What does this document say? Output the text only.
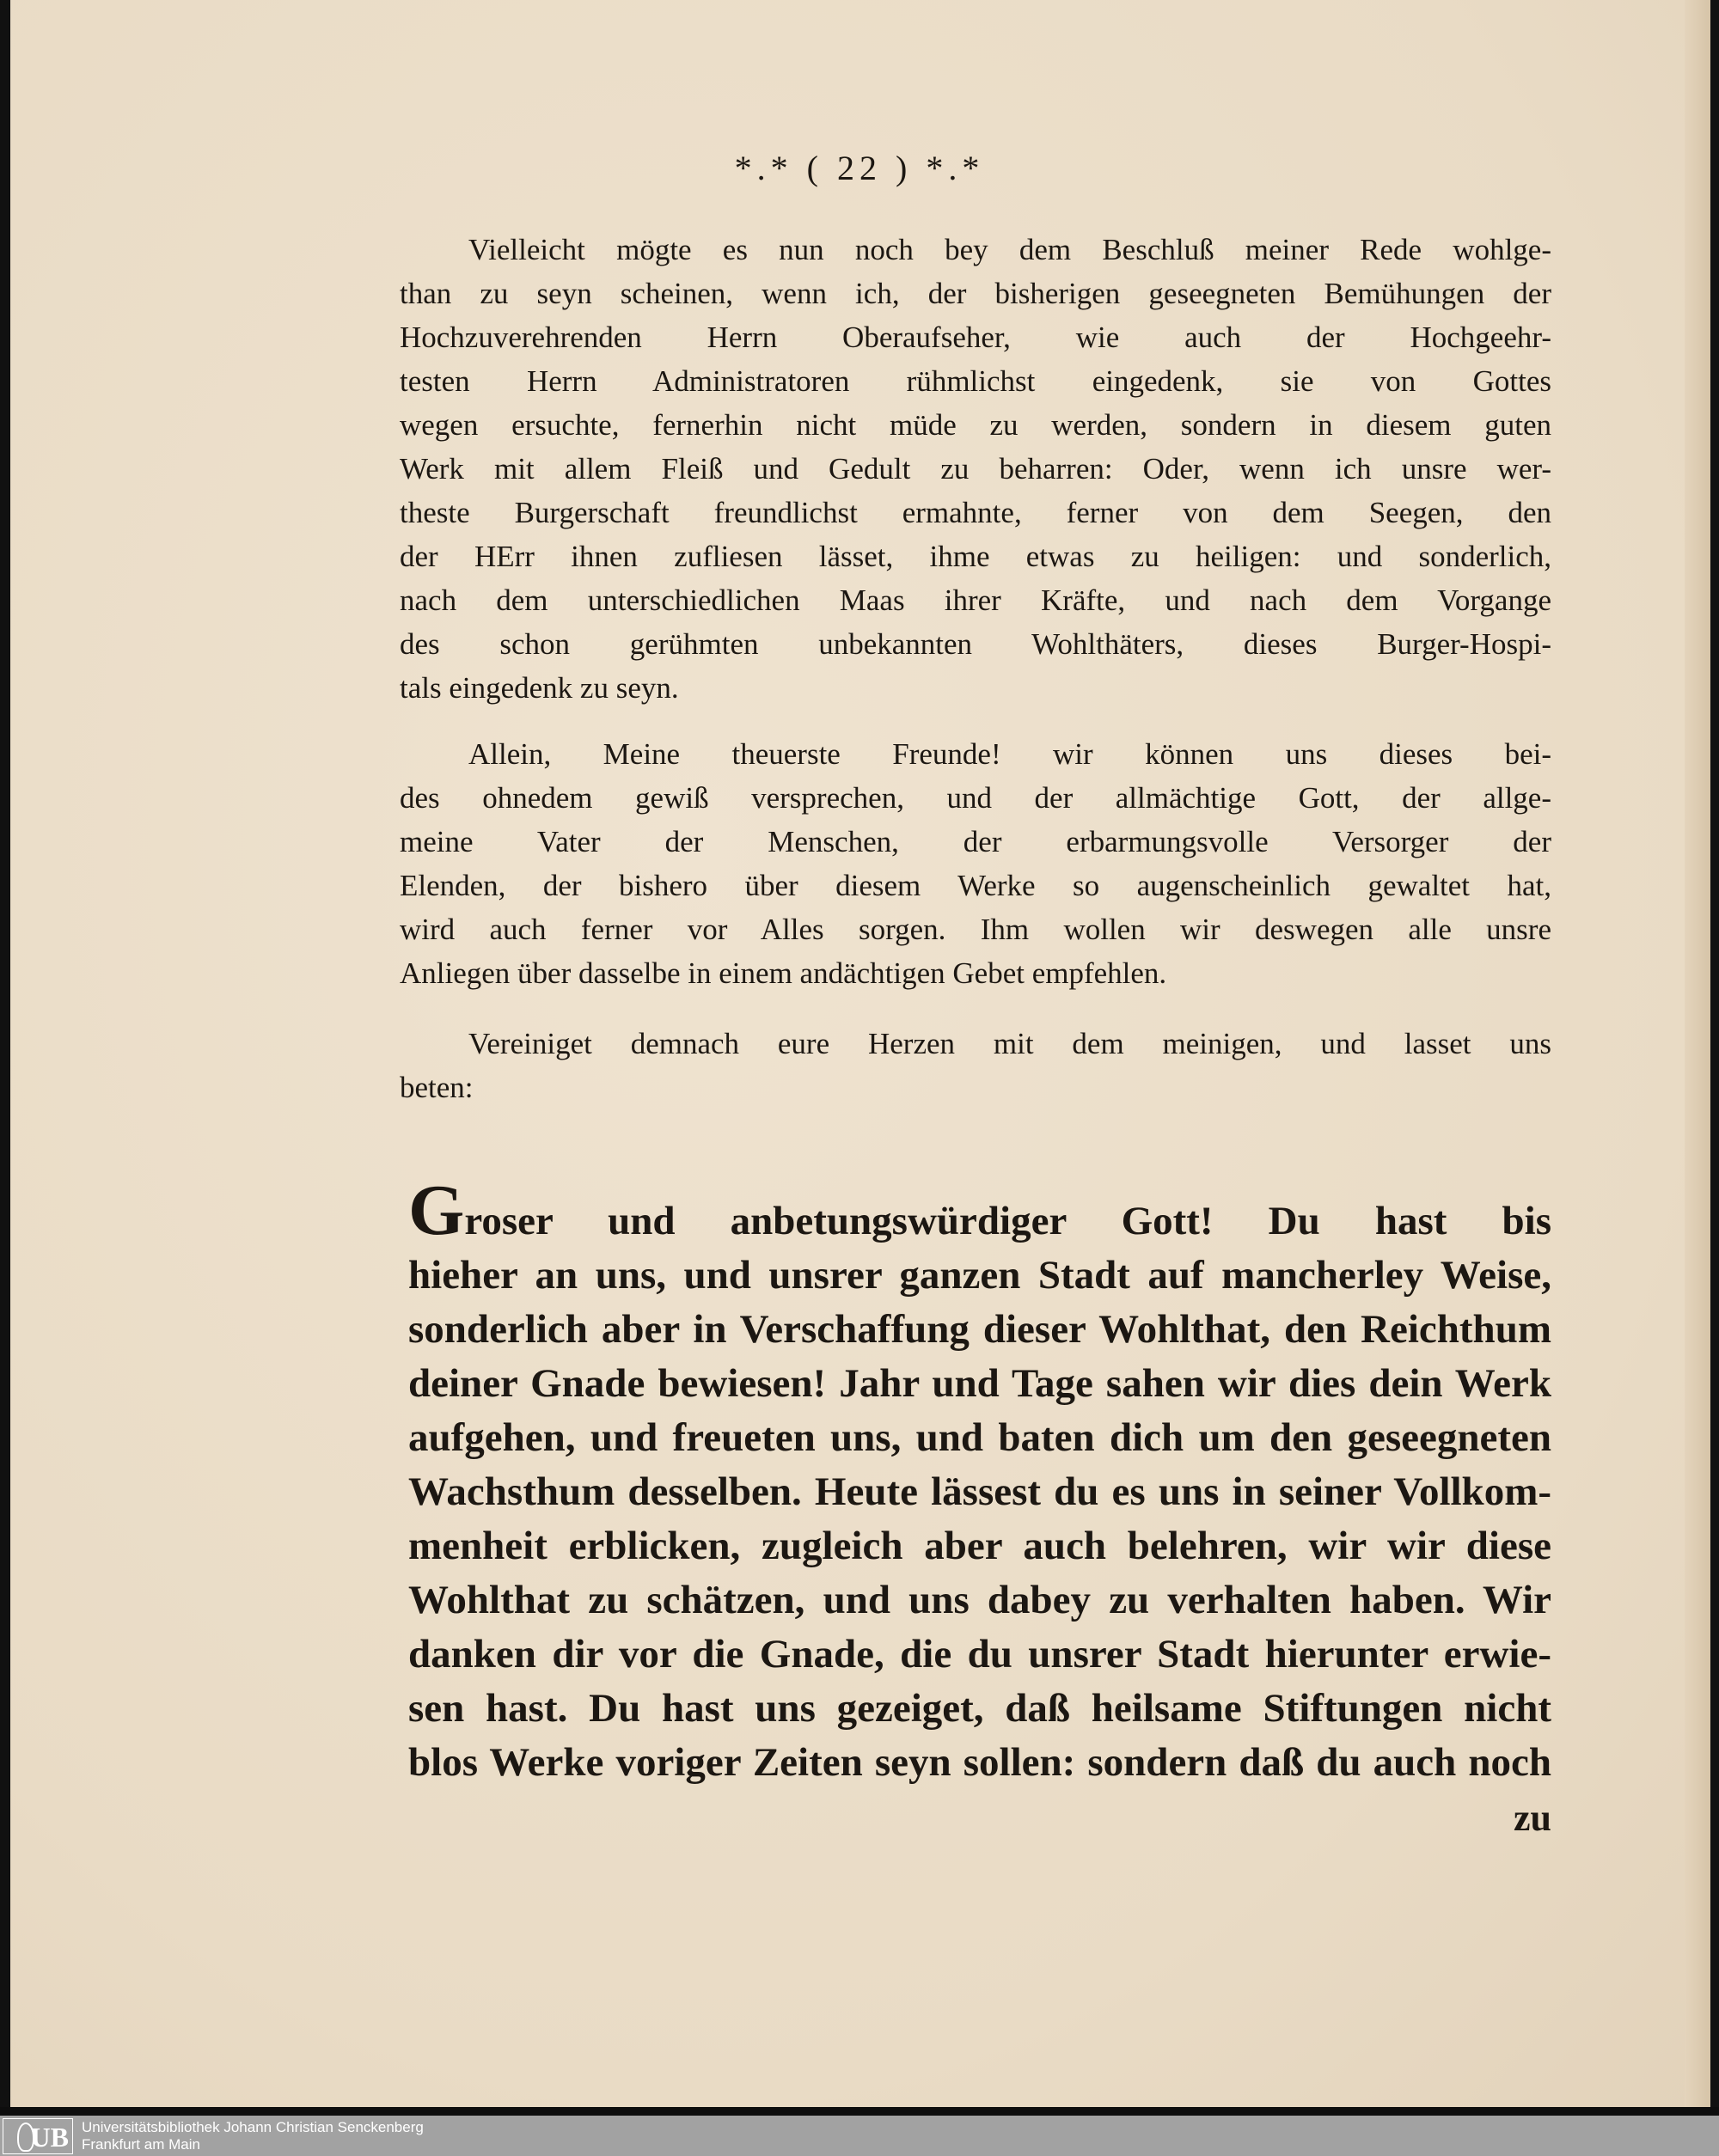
*.* ( 22 ) *.*
Vielleicht mögte es nun noch bey dem Beschluß meiner Rede wohlge-
than zu seyn scheinen, wenn ich, der bisherigen geseegneten Bemühungen der
Hochzuverehrenden Herrn Oberaufseher, wie auch der Hochgeehr-
testen Herrn Administratoren rühmlichst eingedenk, sie von Gottes
wegen ersuchte, fernerhin nicht müde zu werden, sondern in diesem guten
Werk mit allem Fleiß und Gedult zu beharren: Oder, wenn ich unsre wer-
theste Burgerschaft freundlichst ermahnte, ferner von dem Seegen, den
der HErr ihnen zufliesen lässet, ihme etwas zu heiligen: und sonderlich,
nach dem unterschiedlichen Maas ihrer Kräfte, und nach dem Vorgange
des schon gerühmten unbekannten Wohlthäters, dieses Burger-Hospi-
tals eingedenk zu seyn.
Allein, Meine theuerste Freunde! wir können uns dieses bei-
des ohnedem gewiß versprechen, und der allmächtige Gott, der allge-
meine Vater der Menschen, der erbarmungsvolle Versorger der
Elenden, der bishero über diesem Werke so augenscheinlich gewaltet hat,
wird auch ferner vor Alles sorgen. Ihm wollen wir deswegen alle unsre
Anliegen über dasselbe in einem andächtigen Gebet empfehlen.
Vereiniget demnach eure Herzen mit dem meinigen, und lasset uns
beten:
Groser und anbetungswürdiger Gott! Du hast bis
hieher an uns, und unsrer ganzen Stadt auf mancherley Weise,
sonderlich aber in Verschaffung dieser Wohlthat, den Reichthum
deiner Gnade bewiesen! Jahr und Tage sahen wir dies dein Werk
aufgehen, und freueten uns, und baten dich um den geseegneten
Wachsthum desselben. Heute lässest du es uns in seiner Vollkom-
menheit erblicken, zugleich aber auch belehren, wir wir diese
Wohlthat zu schätzen, und uns dabey zu verhalten haben. Wir
danken dir vor die Gnade, die du unsrer Stadt hierunter erwie-
sen hast. Du hast uns gezeiget, daß heilsame Stiftungen nicht
blos Werke voriger Zeiten seyn sollen: sondern daß du auch noch
zu
UB Universitätsbibliothek Johann Christian Senckenberg
Frankfurt am Main
